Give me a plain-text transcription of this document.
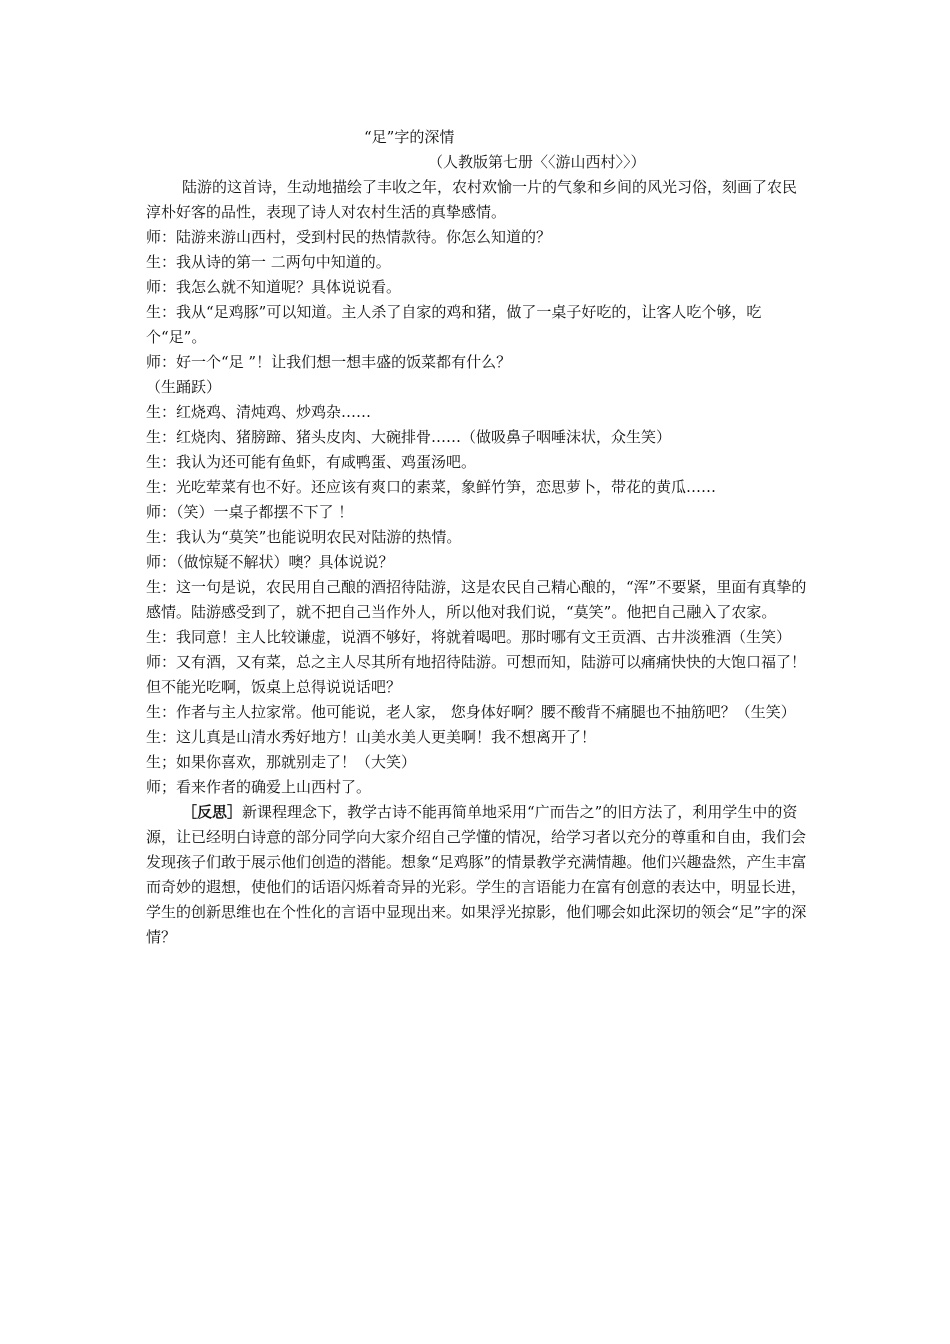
“足”字的深情
（人教版第七册〈〈游山西村〉〉）

陆游的这首诗，生动地描绘了丰收之年，农村欢愉一片的气象和乡间的风光习俗，刻画了农民淳朴好客的品性，表现了诗人对农村生活的真挚感情。

师：陆游来游山西村，受到村民的热情款待。你怎么知道的？

生：我从诗的第一 二两句中知道的。

师：我怎么就不知道呢？具体说说看。

生：我从“足鸡豚”可以知道。主人杀了自家的鸡和猪，做了一桌子好吃的，让客人吃个够，吃个“足”。

师：好一个“足 ”！让我们想一想丰盛的饭菜都有什么？

（生踊跃）

生：红烧鸡、清炖鸡、炒鸡杂……

生：红烧肉、猪膀蹄、猪头皮肉、大碗排骨……（做吸鼻子咽唾沫状，众生笑）

生：我认为还可能有鱼虾，有咸鸭蛋、鸡蛋汤吧。

生：光吃荤菜有也不好。还应该有爽口的素菜，象鲜竹笋，恋思萝卜，带花的黄瓜……

师：（笑）一桌子都摆不下了 ！

生：我认为“莫笑”也能说明农民对陆游的热情。

师：（做惊疑不解状）噢？具体说说？

生：这一句是说，农民用自己酿的酒招待陆游，这是农民自己精心酿的，“浑”不要紧，里面有真挚的感情。陆游感受到了，就不把自己当作外人，所以他对我们说，“莫笑”。他把自己融入了农家。

生：我同意！主人比较谦虚，说酒不够好，将就着喝吧。那时哪有文王贡酒、古井淡雅酒（生笑）

师：又有酒，又有菜，总之主人尽其所有地招待陆游。可想而知，陆游可以痛痛快快的大饱口福了！但不能光吃啊，饭桌上总得说说话吧？

生：作者与主人拉家常。他可能说，老人家， 您身体好啊？腰不酸背不痛腿也不抽筋吧？（生笑）

生：这儿真是山清水秀好地方！山美水美人更美啊！我不想离开了！

生；如果你喜欢，那就别走了！（大笑）

师；看来作者的确爱上山西村了。

［反思］新课程理念下，教学古诗不能再简单地采用“广而告之”的旧方法了，利用学生中的资源，让已经明白诗意的部分同学向大家介绍自己学懂的情况，给学习者以充分的尊重和自由，我们会发现孩子们敢于展示他们创造的潜能。想象“足鸡豚”的情景教学充满情趣。他们兴趣盎然，产生丰富而奇妙的遐想，使他们的话语闪烁着奇异的光彩。学生的言语能力在富有创意的表达中，明显长进，学生的创新思维也在个性化的言语中显现出来。如果浮光掠影，他们哪会如此深切的领会“足”字的深情？
